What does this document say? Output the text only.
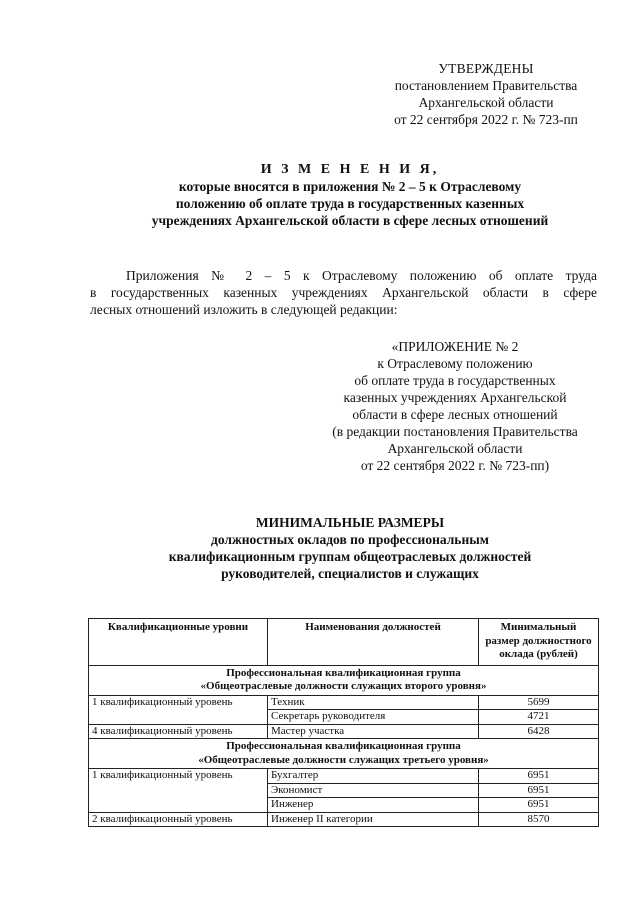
УТВЕРЖДЕНЫ
постановлением Правительства
Архангельской области
от 22 сентября 2022 г. № 723-пп
И З М Е Н Е Н И Я,
которые вносятся в приложения № 2 – 5 к Отраслевому
положению об оплате труда в государственных казенных
учреждениях Архангельской области в сфере лесных отношений
Приложения № 2 – 5 к Отраслевому положению об оплате труда
в государственных казенных учреждениях Архангельской области в сфере
лесных отношений изложить в следующей редакции:
«ПРИЛОЖЕНИЕ № 2
к Отраслевому положению
об оплате труда в государственных
казенных учреждениях Архангельской
области в сфере лесных отношений
(в редакции постановления Правительства
Архангельской области
от 22 сентября 2022 г. № 723-пп)
МИНИМАЛЬНЫЕ РАЗМЕРЫ
должностных окладов по профессиональным
квалификационным группам общеотраслевых должностей
руководителей, специалистов и служащих
Квалификационные уровни	Наименования должностей	Минимальный
размер должностного
оклада (рублей)

Профессиональная квалификационная группа
«Общеотраслевые должности служащих второго уровня»		

1 квалификационный уровень	Техник	5699
	Секретарь руководителя	4721
4 квалификационный уровень	Мастер участка	6428

Профессиональная квалификационная группа
«Общеотраслевые должности служащих третьего уровня»		

1 квалификационный уровень	Бухгалтер	6951
	Экономист	6951
	Инженер	6951
2 квалификационный уровень	Инженер II категории	8570
